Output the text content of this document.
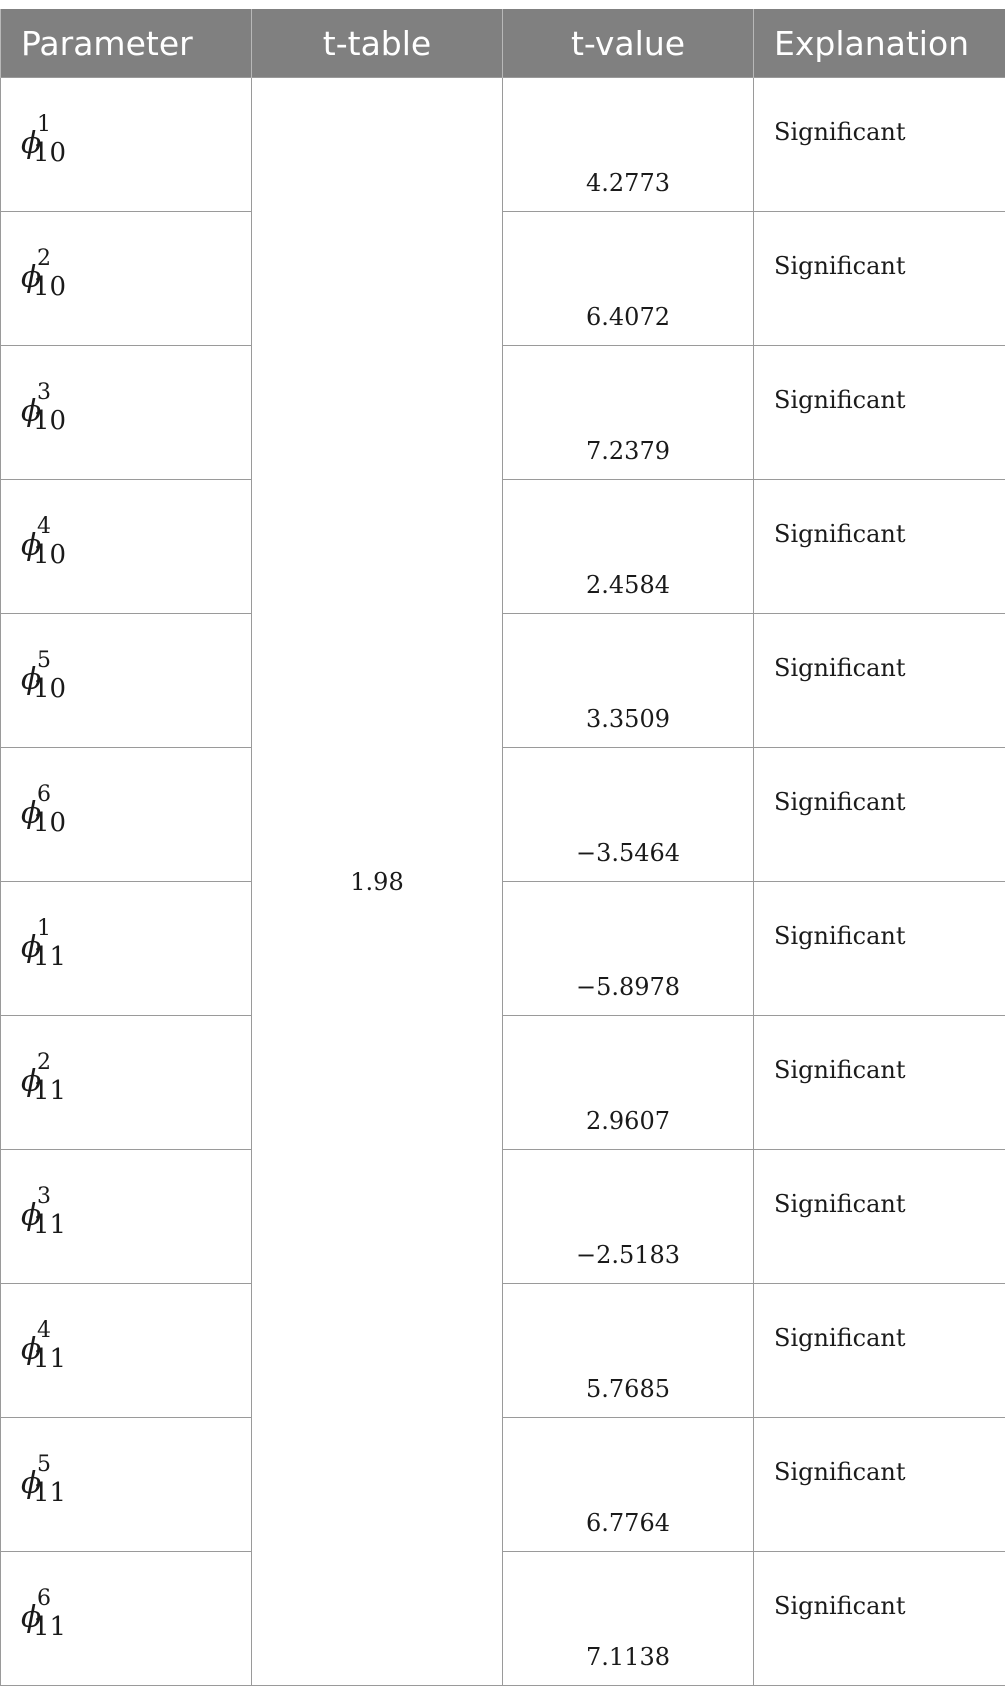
Parameter	t-table	t-value	Explanation

ϕ
1
10	1.98	4.2773	Significant

ϕ
2
10		6.4072	Significant

ϕ
3
10		7.2379	Significant

ϕ
4
10		2.4584	Significant

ϕ
5
10		3.3509	Significant

ϕ
6
10		−3.5464	Significant

ϕ
1
11		−5.8978	Significant

ϕ
2
11		2.9607	Significant

ϕ
3
11		−2.5183	Significant

ϕ
4
11		5.7685	Significant

ϕ
5
11		6.7764	Significant

ϕ
6
11		7.1138	Significant
